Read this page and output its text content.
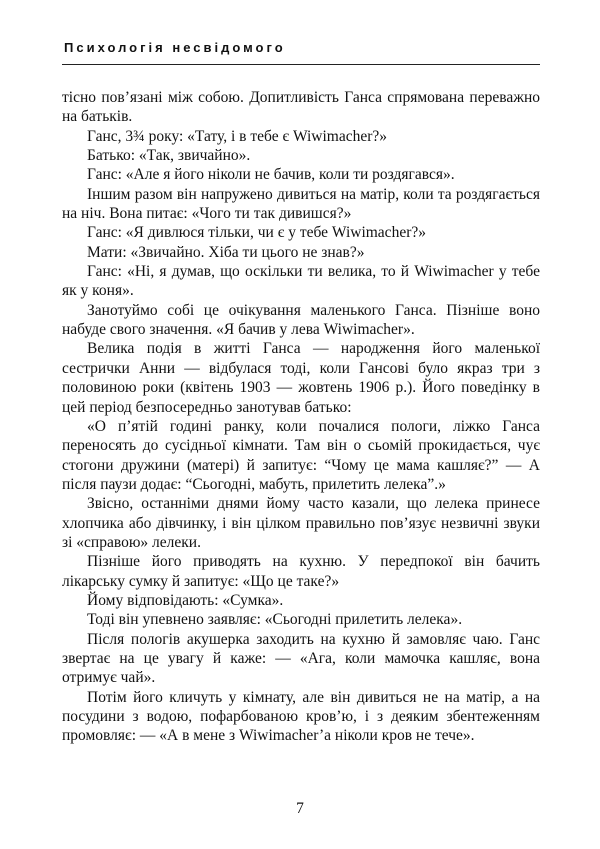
Психологія несвідомого

тісно пов’язані між собою. Допитливість Ганса спрямована переважно на батьків.

Ганс, 3¾ року: «Тату, і в тебе є Wiwimacher?»

Батько: «Так, звичайно».

Ганс: «Але я його ніколи не бачив, коли ти роздягався».

Іншим разом він напружено дивиться на матір, коли та роздягається на ніч. Вона питає: «Чого ти так дивишся?»

Ганс: «Я дивлюся тільки, чи є у тебе Wiwimacher?»

Мати: «Звичайно. Хіба ти цього не знав?»

Ганс: «Ні, я думав, що оскільки ти велика, то й Wiwimacher у тебе як у коня».

Занотуймо собі це очікування маленького Ганса. Пізніше воно набуде свого значення. «Я бачив у лева Wiwimacher».

Велика подія в житті Ганса — народження його маленької сестрички Анни — відбулася тоді, коли Гансові було якраз три з половиною роки (квітень 1903 — жовтень 1906 р.). Його поведінку в цей період безпосередньо занотував батько:

«О п’ятій годині ранку, коли почалися пологи, ліжко Ганса переносять до сусідньої кімнати. Там він о сьомій прокидається, чує стогони дружини (матері) й запитує: “Чому це мама кашляє?” — А після паузи додає: “Сьогодні, мабуть, прилетить лелека”.»

Звісно, останніми днями йому часто казали, що лелека принесе хлопчика або дівчинку, і він цілком правильно пов’язує незвичні звуки зі «справою» лелеки.

Пізніше його приводять на кухню. У передпокої він бачить лікарську сумку й запитує: «Що це таке?»

Йому відповідають: «Сумка».

Тоді він упевнено заявляє: «Сьогодні прилетить лелека».

Після пологів акушерка заходить на кухню й замовляє чаю. Ганс звертає на це увагу й каже: — «Ага, коли мамочка кашляє, вона отримує чай».

Потім його кличуть у кімнату, але він дивиться не на матір, а на посудини з водою, пофарбованою кров’ю, і з деяким збентеженням промовляє: — «А в мене з Wiwimacher’а ніколи кров не тече».

7
